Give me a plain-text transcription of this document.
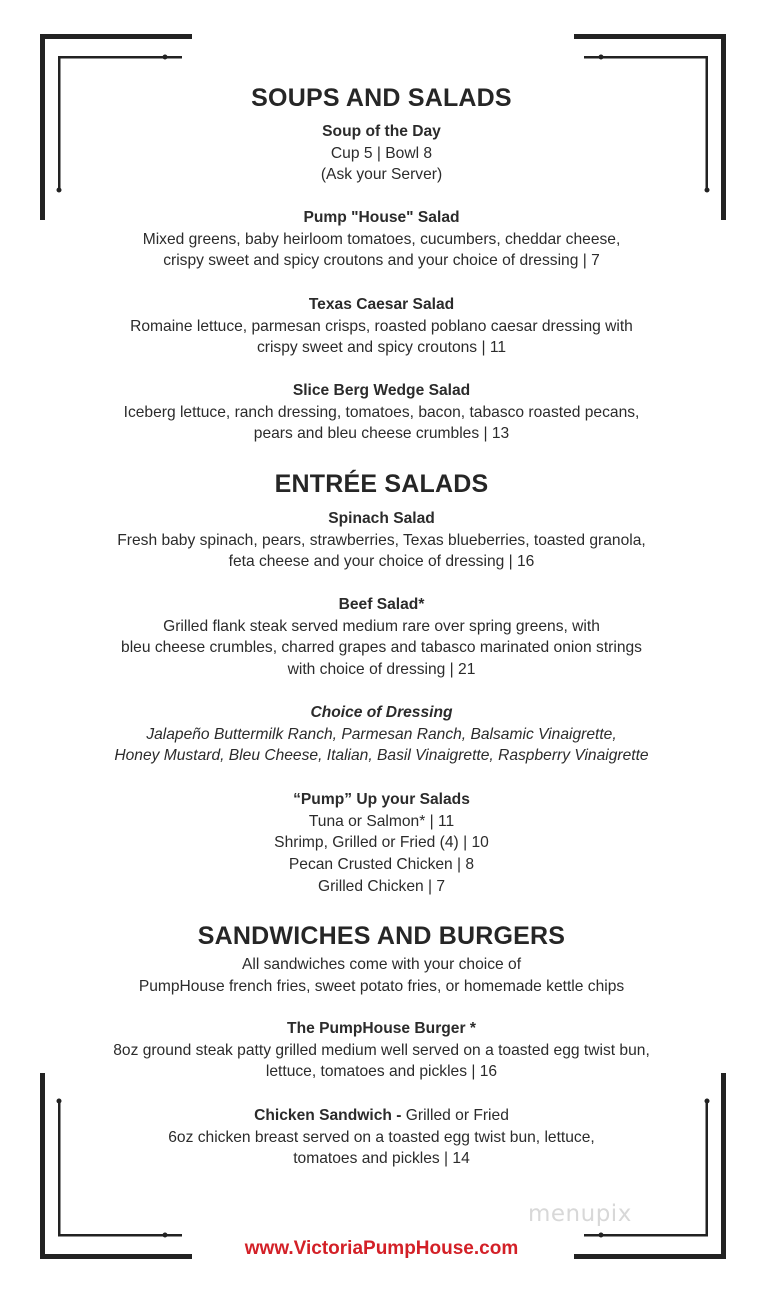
SOUPS AND SALADS
Soup of the Day
Cup 5 | Bowl 8
(Ask your Server)
Pump "House" Salad
Mixed greens, baby heirloom tomatoes, cucumbers, cheddar cheese,
crispy sweet and spicy croutons and your choice of dressing | 7
Texas Caesar Salad
Romaine lettuce, parmesan crisps, roasted poblano caesar dressing with
crispy sweet and spicy croutons | 11
Slice Berg Wedge Salad
Iceberg lettuce, ranch dressing, tomatoes, bacon, tabasco roasted pecans,
pears and bleu cheese crumbles | 13
ENTRÉE SALADS
Spinach Salad
Fresh baby spinach, pears, strawberries, Texas blueberries, toasted granola,
feta cheese and your choice of dressing | 16
Beef Salad*
Grilled flank steak served medium rare over spring greens, with
bleu cheese crumbles, charred grapes and tabasco marinated onion strings
with choice of dressing | 21
Choice of Dressing
Jalapeño Buttermilk Ranch, Parmesan Ranch, Balsamic Vinaigrette,
Honey Mustard, Bleu Cheese, Italian, Basil Vinaigrette, Raspberry Vinaigrette
“Pump” Up your Salads
Tuna or Salmon* | 11
Shrimp, Grilled or Fried (4) | 10
Pecan Crusted Chicken | 8
Grilled Chicken | 7
SANDWICHES AND BURGERS
All sandwiches come with your choice of
PumpHouse french fries, sweet potato fries, or homemade kettle chips
The PumpHouse Burger *
8oz ground steak patty grilled medium well served on a toasted egg twist bun,
lettuce, tomatoes and pickles | 16
Chicken Sandwich - Grilled or Fried
6oz chicken breast served on a toasted egg twist bun, lettuce,
tomatoes and pickles | 14
menupix
www.VictoriaPumpHouse.com
